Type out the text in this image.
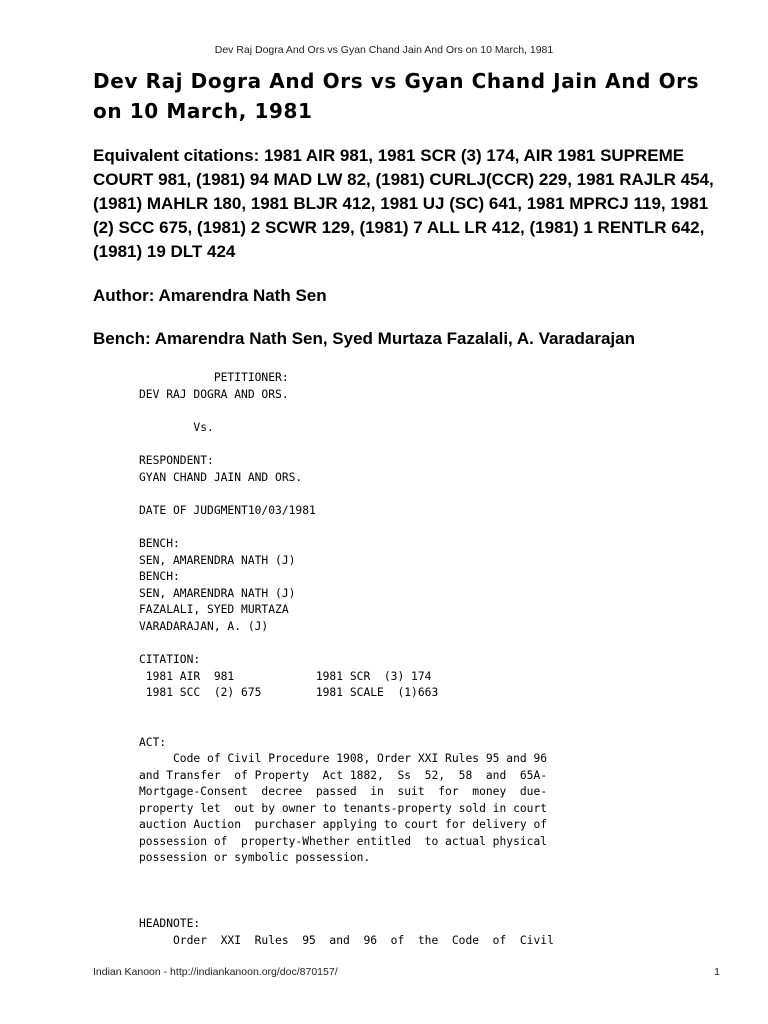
Dev Raj Dogra And Ors vs Gyan Chand Jain And Ors on 10 March, 1981
Dev Raj Dogra And Ors vs Gyan Chand Jain And Ors on 10 March, 1981
Equivalent citations: 1981 AIR 981, 1981 SCR (3) 174, AIR 1981 SUPREME COURT 981, (1981) 94 MAD LW 82, (1981) CURLJ(CCR) 229, 1981 RAJLR 454, (1981) MAHLR 180, 1981 BLJR 412, 1981 UJ (SC) 641, 1981 MPRCJ 119, 1981 (2) SCC 675, (1981) 2 SCWR 129, (1981) 7 ALL LR 412, (1981) 1 RENTLR 642, (1981) 19 DLT 424
Author: Amarendra Nath Sen
Bench: Amarendra Nath Sen, Syed Murtaza Fazalali, A. Varadarajan
PETITIONER:
DEV RAJ DOGRA AND ORS.
Vs.
RESPONDENT:
GYAN CHAND JAIN AND ORS.
DATE OF JUDGMENT10/03/1981
BENCH:
SEN, AMARENDRA NATH (J)
BENCH:
SEN, AMARENDRA NATH (J)
FAZALALI, SYED MURTAZA
VARADARAJAN, A. (J)
CITATION:
1981 AIR  981            1981 SCR  (3) 174
1981 SCC  (2) 675        1981 SCALE  (1)663
ACT:
Code of Civil Procedure 1908, Order XXI Rules 95 and 96
and Transfer  of Property  Act 1882,  Ss  52,  58  and  65A-
Mortgage-Consent  decree  passed  in  suit  for  money  due-
property let  out by owner to tenants-property sold in court
auction Auction  purchaser applying to court for delivery of
possession of  property-Whether entitled  to actual physical
possession or symbolic possession.
HEADNOTE:
Order  XXI  Rules  95  and  96  of  the  Code  of  Civil
Indian Kanoon - http://indiankanoon.org/doc/870157/	1
